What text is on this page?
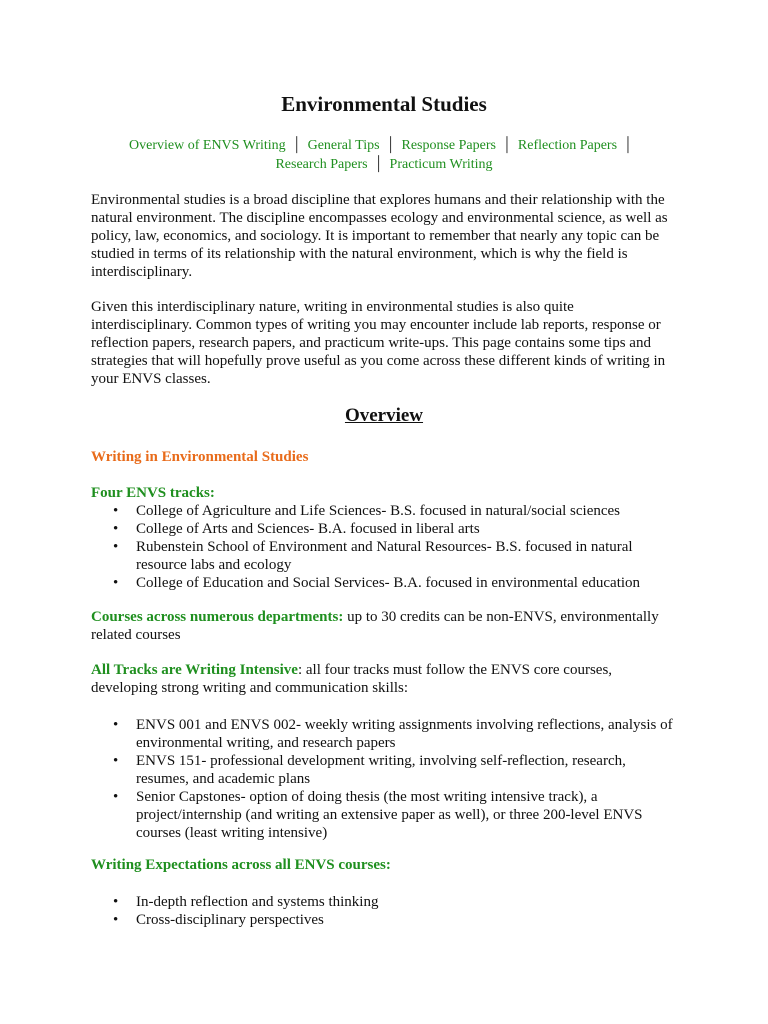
Environmental Studies
Overview of ENVS Writing │ General Tips │ Response Papers │ Reflection Papers │
Research Papers │ Practicum Writing
Environmental studies is a broad discipline that explores humans and their relationship with the
natural environment. The discipline encompasses ecology and environmental science, as well as
policy, law, economics, and sociology. It is important to remember that nearly any topic can be
studied in terms of its relationship with the natural environment, which is why the field is
interdisciplinary.
Given this interdisciplinary nature, writing in environmental studies is also quite
interdisciplinary. Common types of writing you may encounter include lab reports, response or
reflection papers, research papers, and practicum write-ups. This page contains some tips and
strategies that will hopefully prove useful as you come across these different kinds of writing in
your ENVS classes.
Overview
Writing in Environmental Studies
Four ENVS tracks:
• College of Agriculture and Life Sciences- B.S. focused in natural/social sciences
• College of Arts and Sciences- B.A. focused in liberal arts
• Rubenstein School of Environment and Natural Resources- B.S. focused in natural
resource labs and ecology
• College of Education and Social Services- B.A. focused in environmental education
Courses across numerous departments: up to 30 credits can be non-ENVS, environmentally
related courses
All Tracks are Writing Intensive: all four tracks must follow the ENVS core courses,
developing strong writing and communication skills:
• ENVS 001 and ENVS 002- weekly writing assignments involving reflections, analysis of
environmental writing, and research papers
• ENVS 151- professional development writing, involving self-reflection, research,
resumes, and academic plans
• Senior Capstones- option of doing thesis (the most writing intensive track), a
project/internship (and writing an extensive paper as well), or three 200-level ENVS
courses (least writing intensive)
Writing Expectations across all ENVS courses:
• In-depth reflection and systems thinking
• Cross-disciplinary perspectives
